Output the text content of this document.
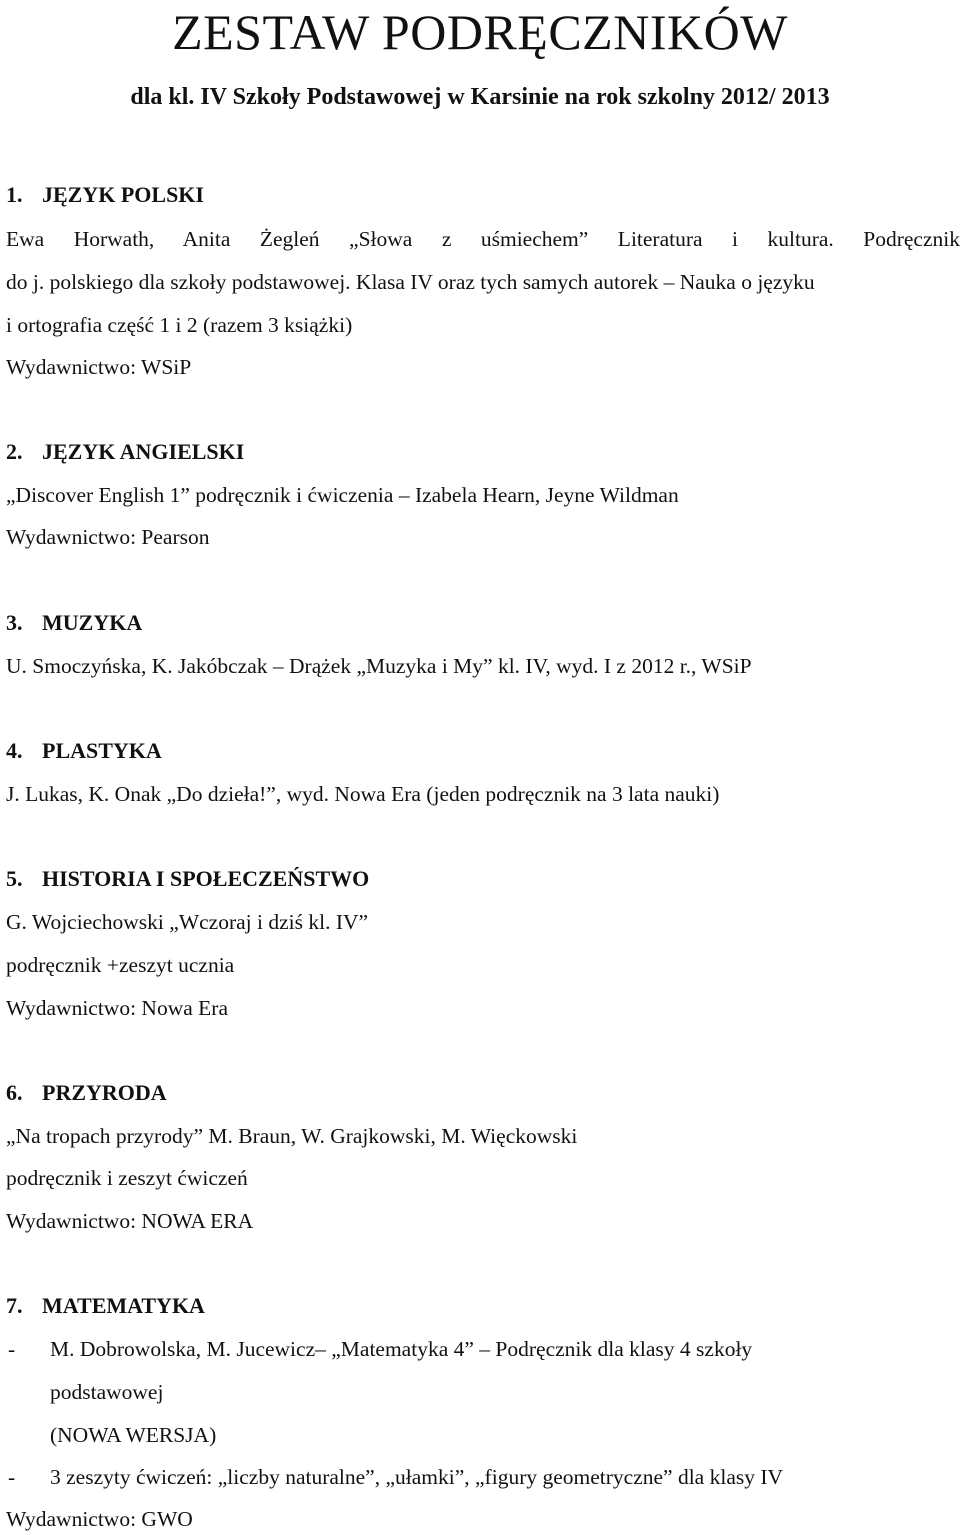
ZESTAW PODRĘCZNIKÓW
dla kl. IV Szkoły Podstawowej w Karsinie na rok szkolny 2012/ 2013
1. JĘZYK POLSKI
Ewa Horwath, Anita Żegleń „Słowa z uśmiechem” Literatura i kultura. Podręcznik
do j. polskiego dla szkoły podstawowej. Klasa IV oraz tych samych autorek – Nauka o języku
i ortografia część 1 i 2 (razem 3 książki)
Wydawnictwo: WSiP
2. JĘZYK ANGIELSKI
„Discover English 1” podręcznik i ćwiczenia – Izabela Hearn, Jeyne Wildman
Wydawnictwo: Pearson
3. MUZYKA
U. Smoczyńska, K. Jakóbczak – Drążek „Muzyka i My” kl. IV, wyd. I z 2012 r., WSiP
4. PLASTYKA
J. Lukas, K. Onak „Do dzieła!”, wyd. Nowa Era (jeden podręcznik na 3 lata nauki)
5. HISTORIA I SPOŁECZEŃSTWO
G. Wojciechowski „Wczoraj i dziś kl. IV”
podręcznik +zeszyt ucznia
Wydawnictwo: Nowa Era
6. PRZYRODA
„Na tropach przyrody” M. Braun, W. Grajkowski, M. Więckowski
podręcznik i zeszyt ćwiczeń
Wydawnictwo: NOWA ERA
7. MATEMATYKA
- M. Dobrowolska, M. Jucewicz– „Matematyka 4” – Podręcznik dla klasy 4 szkoły
podstawowej
(NOWA WERSJA)
- 3 zeszyty ćwiczeń: „liczby naturalne”, „ułamki”, „figury geometryczne” dla klasy IV
Wydawnictwo: GWO
